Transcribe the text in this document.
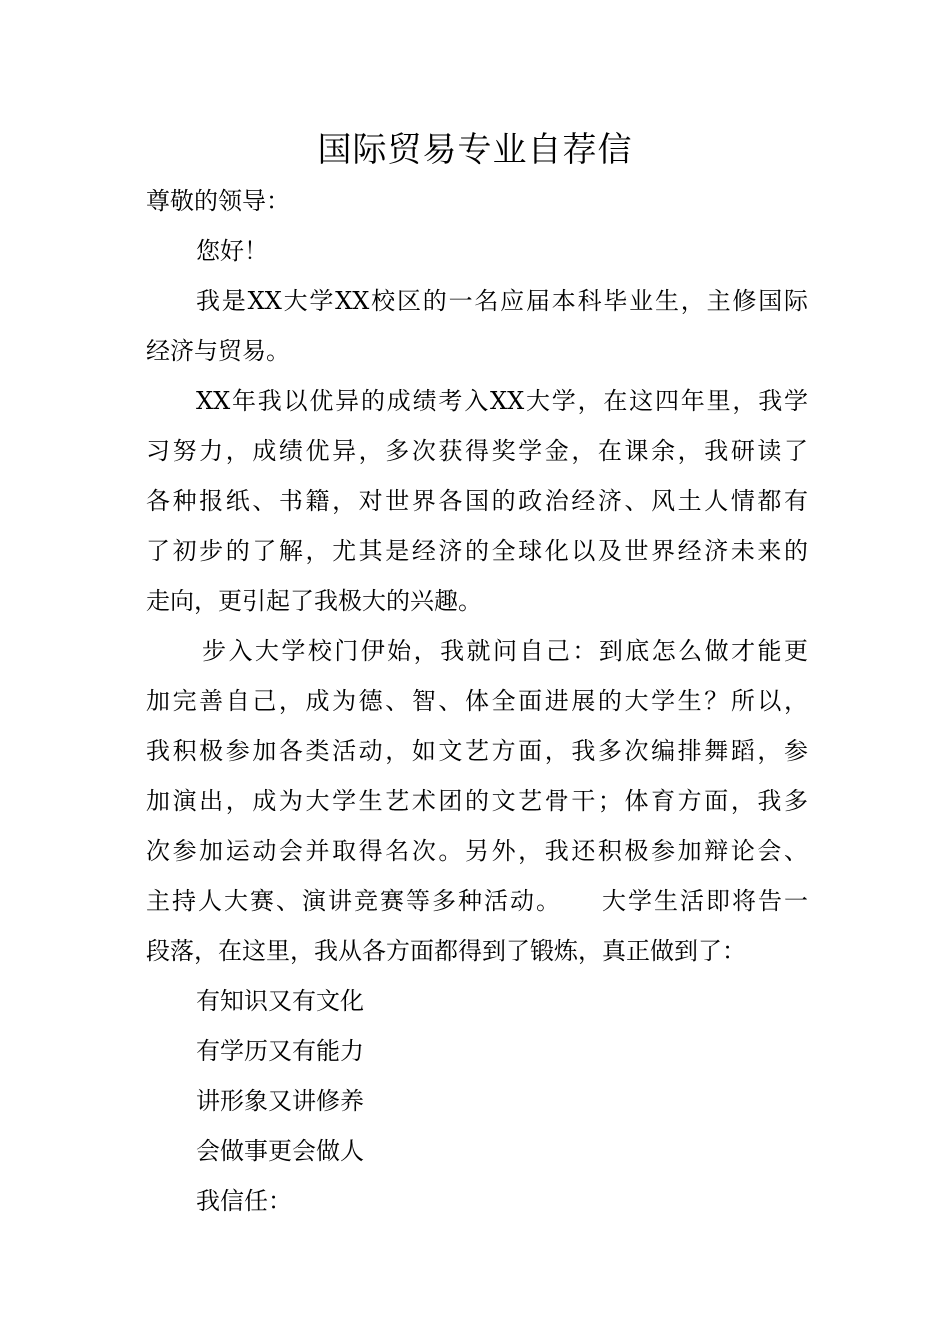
国际贸易专业自荐信
尊敬的领导：
您好！
我是XX大学XX校区的一名应届本科毕业生，主修国际
经济与贸易。
XX年我以优异的成绩考入XX大学，在这四年里，我学
习努力，成绩优异，多次获得奖学金，在课余，我研读了
各种报纸、书籍，对世界各国的政治经济、风土人情都有
了初步的了解，尤其是经济的全球化以及世界经济未来的
走向，更引起了我极大的兴趣。
步入大学校门伊始，我就问自己：到底怎么做才能更
加完善自己，成为德、智、体全面进展的大学生？所以，
我积极参加各类活动，如文艺方面，我多次编排舞蹈，参
加演出，成为大学生艺术团的文艺骨干；体育方面，我多
次参加运动会并取得名次。另外，我还积极参加辩论会、
主持人大赛、演讲竞赛等多种活动。　　大学生活即将告一
段落，在这里，我从各方面都得到了锻炼，真正做到了：
有知识又有文化
有学历又有能力
讲形象又讲修养
会做事更会做人
我信任：
